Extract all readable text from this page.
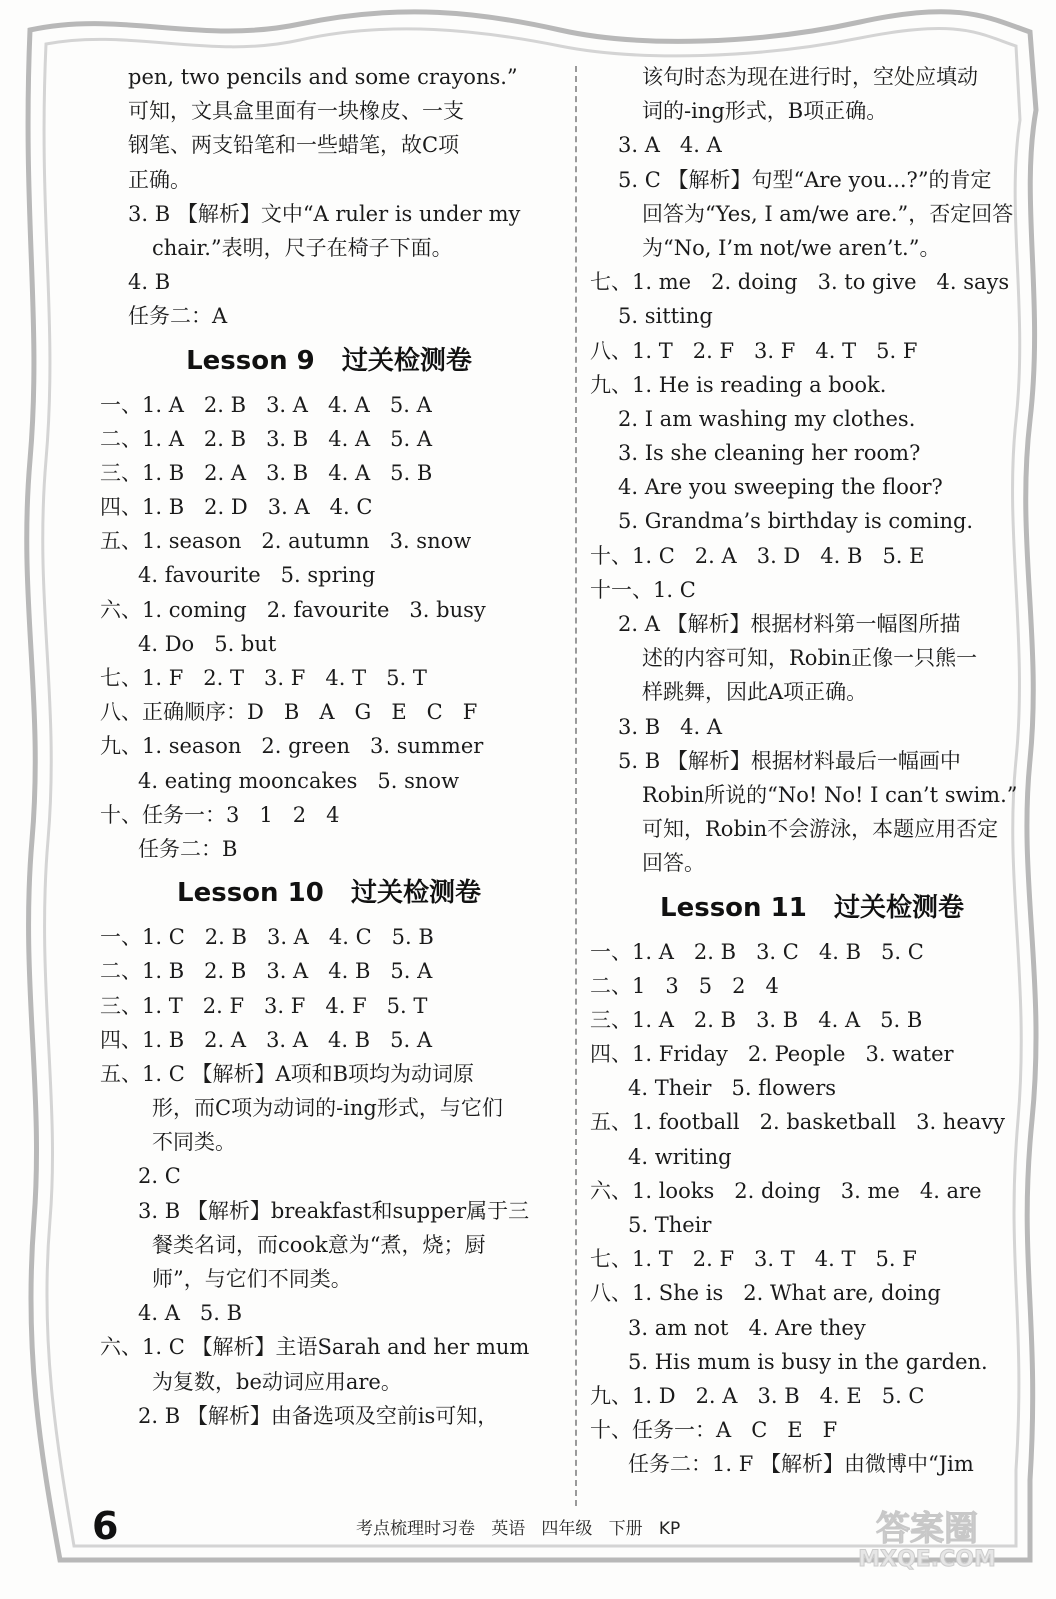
pen, two pencils and some crayons.”
可知，文具盒里面有一块橡皮、一支
钢笔、两支铅笔和一些蜡笔，故C项
正确。
3. B 【解析】文中“A ruler is under my
chair.”表明，尺子在椅子下面。
4. B
任务二：A
Lesson 9   过关检测卷
一、1. A   2. B   3. A   4. A   5. A
二、1. A   2. B   3. B   4. A   5. A
三、1. B   2. A   3. B   4. A   5. B
四、1. B   2. D   3. A   4. C
五、1. season   2. autumn   3. snow
4. favourite   5. spring
六、1. coming   2. favourite   3. busy
4. Do   5. but
七、1. F   2. T   3. F   4. T   5. T
八、正确顺序：D   B   A   G   E   C   F
九、1. season   2. green   3. summer
4. eating mooncakes   5. snow
十、任务一：3   1   2   4
任务二：B
Lesson 10   过关检测卷
一、1. C   2. B   3. A   4. C   5. B
二、1. B   2. B   3. A   4. B   5. A
三、1. T   2. F   3. F   4. F   5. T
四、1. B   2. A   3. A   4. B   5. A
五、1. C 【解析】A项和B项均为动词原
形，而C项为动词的-ing形式，与它们
不同类。
2. C
3. B 【解析】breakfast和supper属于三
餐类名词，而cook意为“煮，烧；厨
师”，与它们不同类。
4. A   5. B
六、1. C 【解析】主语Sarah and her mum
为复数，be动词应用are。
2. B 【解析】由备选项及空前is可知，
该句时态为现在进行时，空处应填动
词的-ing形式，B项正确。
3. A   4. A
5. C 【解析】句型“Are you...?”的肯定
回答为“Yes, I am/we are.”，否定回答
为“No, I’m not/we aren’t.”。
七、1. me   2. doing   3. to give   4. says
5. sitting
八、1. T   2. F   3. F   4. T   5. F
九、1. He is reading a book.
2. I am washing my clothes.
3. Is she cleaning her room?
4. Are you sweeping the floor?
5. Grandma’s birthday is coming.
十、1. C   2. A   3. D   4. B   5. E
十一、1. C
2. A 【解析】根据材料第一幅图所描
述的内容可知，Robin正像一只熊一
样跳舞，因此A项正确。
3. B   4. A
5. B 【解析】根据材料最后一幅画中
Robin所说的“No! No! I can’t swim.”
可知，Robin不会游泳，本题应用否定
回答。
Lesson 11   过关检测卷
一、1. A   2. B   3. C   4. B   5. C
二、1   3   5   2   4
三、1. A   2. B   3. B   4. A   5. B
四、1. Friday   2. People   3. water
4. Their   5. flowers
五、1. football   2. basketball   3. heavy
4. writing
六、1. looks   2. doing   3. me   4. are
5. Their
七、1. T   2. F   3. T   4. T   5. F
八、1. She is   2. What are, doing
3. am not   4. Are they
5. His mum is busy in the garden.
九、1. D   2. A   3. B   4. E   5. C
十、任务一：A   C   E   F
任务二：1. F 【解析】由微博中“Jim
6	考点梳理时习卷   英语   四年级   下册   KP	答案圈
MXQE.COM
